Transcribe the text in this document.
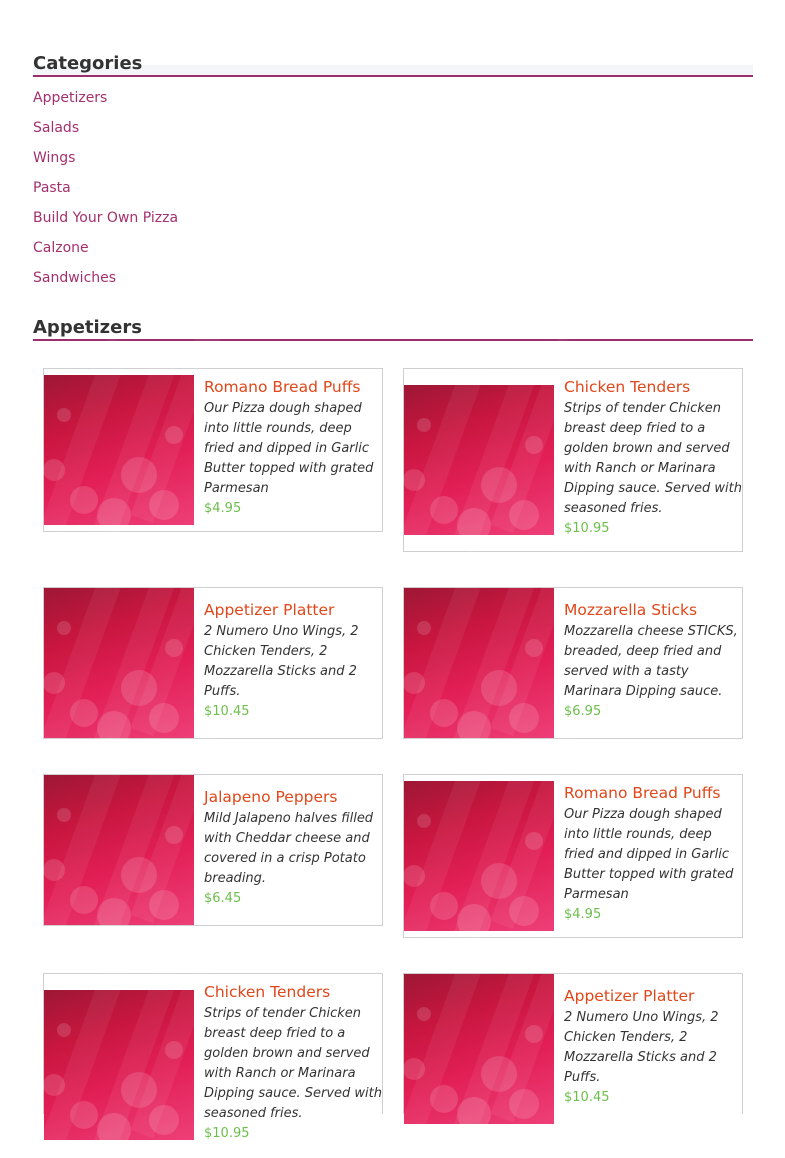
Categories
Appetizers
Salads
Wings
Pasta
Build Your Own Pizza
Calzone
Sandwiches
Appetizers
Romano Bread Puffs
Our Pizza dough shaped into little rounds, deep fried and dipped in Garlic Butter topped with grated Parmesan
$4.95
Chicken Tenders
Strips of tender Chicken breast deep fried to a golden brown and served with Ranch or Marinara Dipping sauce. Served with seasoned fries.
$10.95
Appetizer Platter
2 Numero Uno Wings, 2 Chicken Tenders, 2 Mozzarella Sticks and 2 Puffs.
$10.45
Mozzarella Sticks
Mozzarella cheese STICKS, breaded, deep fried and served with a tasty Marinara Dipping sauce.
$6.95
Jalapeno Peppers
Mild Jalapeno halves filled with Cheddar cheese and covered in a crisp Potato breading.
$6.45
Romano Bread Puffs
Our Pizza dough shaped into little rounds, deep fried and dipped in Garlic Butter topped with grated Parmesan
$4.95
Chicken Tenders
Strips of tender Chicken breast deep fried to a golden brown and served with Ranch or Marinara Dipping sauce. Served with seasoned fries.
$10.95
Appetizer Platter
2 Numero Uno Wings, 2 Chicken Tenders, 2 Mozzarella Sticks and 2 Puffs.
$10.45
